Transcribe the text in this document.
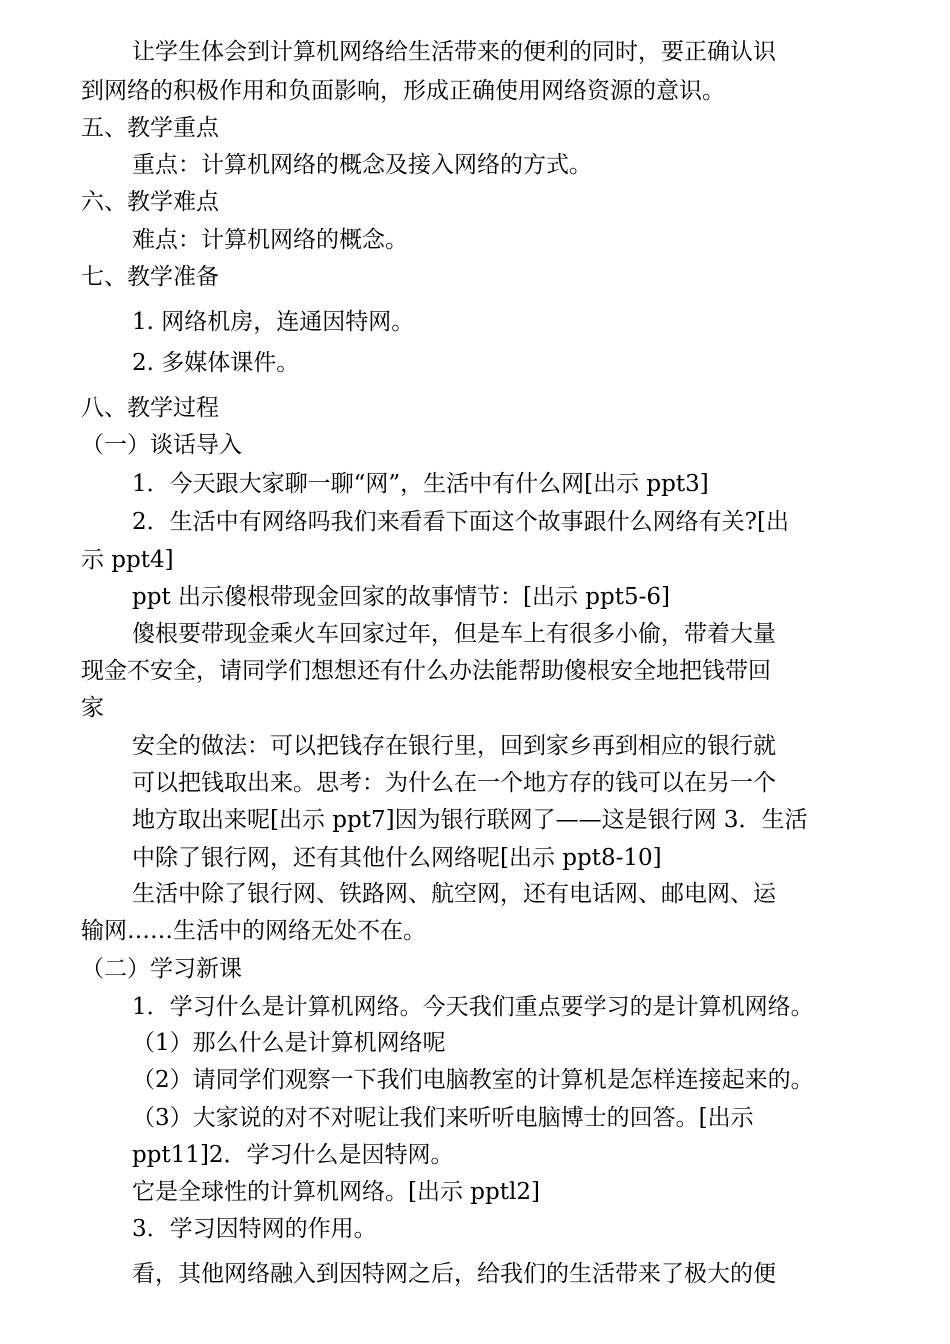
让学生体会到计算机网络给生活带来的便利的同时，要正确认识
到网络的积极作用和负面影响，形成正确使用网络资源的意识。
五、教学重点
重点：计算机网络的概念及接入网络的方式。
六、教学难点
难点：计算机网络的概念。
七、教学准备
1. 网络机房，连通因特网。
2. 多媒体课件。
八、教学过程
（一）谈话导入
1．今天跟大家聊一聊“网”，生活中有什么网[出示 ppt3]
2．生活中有网络吗我们来看看下面这个故事跟什么网络有关?[出
示 ppt4]
ppt 出示傻根带现金回家的故事情节：[出示 ppt5-6]
傻根要带现金乘火车回家过年，但是车上有很多小偷，带着大量
现金不安全，请同学们想想还有什么办法能帮助傻根安全地把钱带回
家
安全的做法：可以把钱存在银行里，回到家乡再到相应的银行就
可以把钱取出来。思考：为什么在一个地方存的钱可以在另一个
地方取出来呢[出示 ppt7]因为银行联网了——这是银行网 3．生活
中除了银行网，还有其他什么网络呢[出示 ppt8-10]
生活中除了银行网、铁路网、航空网，还有电话网、邮电网、运
输网……生活中的网络无处不在。
（二）学习新课
1．学习什么是计算机网络。今天我们重点要学习的是计算机网络。
（1）那么什么是计算机网络呢
（2）请同学们观察一下我们电脑教室的计算机是怎样连接起来的。
（3）大家说的对不对呢让我们来听听电脑博士的回答。[出示
ppt11]2．学习什么是因特网。
它是全球性的计算机网络。[出示 pptl2]
3．学习因特网的作用。
看，其他网络融入到因特网之后，给我们的生活带来了极大的便
